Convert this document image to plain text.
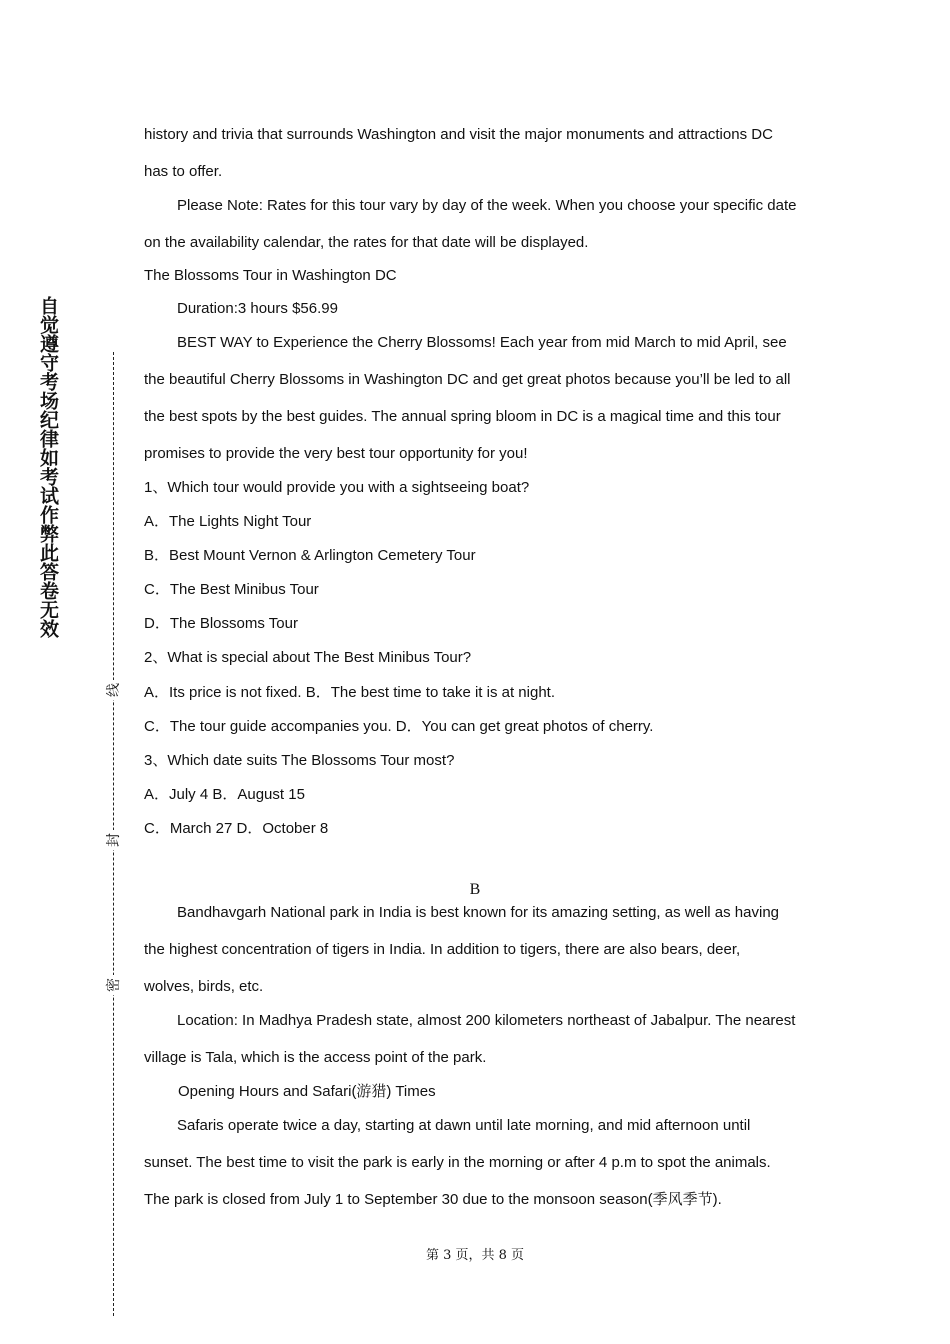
自觉遵守考场纪律如考试作弊此答卷无效
线
封
密
history and trivia that surrounds Washington and visit the major monuments and attractions DC
has to offer.
Please Note: Rates for this tour vary by day of the week. When you choose your specific date
on the availability calendar, the rates for that date will be displayed.
The Blossoms Tour in Washington DC
Duration:3 hours $56.99
BEST WAY to Experience the Cherry Blossoms! Each year from mid March to mid April, see
the beautiful Cherry Blossoms in Washington DC and get great photos because you’ll be led to all
the best spots by the best guides. The annual spring bloom in DC is a magical time and this tour
promises to provide the very best tour opportunity for you!
1、Which tour would provide you with a sightseeing boat?
A．The Lights Night Tour
B．Best Mount Vernon & Arlington Cemetery Tour
C．The Best Minibus Tour
D．The Blossoms Tour
2、What is special about The Best Minibus Tour?
A．Its price is not fixed. B．The best time to take it is at night.
C．The tour guide accompanies you. D．You can get great photos of cherry.
3、Which date suits The Blossoms Tour most?
A．July 4 B．August 15
C．March 27 D．October 8
B
Bandhavgarh National park in India is best known for its amazing setting, as well as having
the highest concentration of tigers in India. In addition to tigers, there are also bears, deer,
wolves, birds, etc.
Location: In Madhya Pradesh state, almost 200 kilometers northeast of Jabalpur. The nearest
village is Tala, which is the access point of the park.
Opening Hours and Safari(游猎) Times
Safaris operate twice a day, starting at dawn until late morning, and mid afternoon until
sunset. The best time to visit the park is early in the morning or after 4 p.m to spot the animals.
The park is closed from July 1 to September 30 due to the monsoon season(季风季节).
第 3 页，共 8 页
